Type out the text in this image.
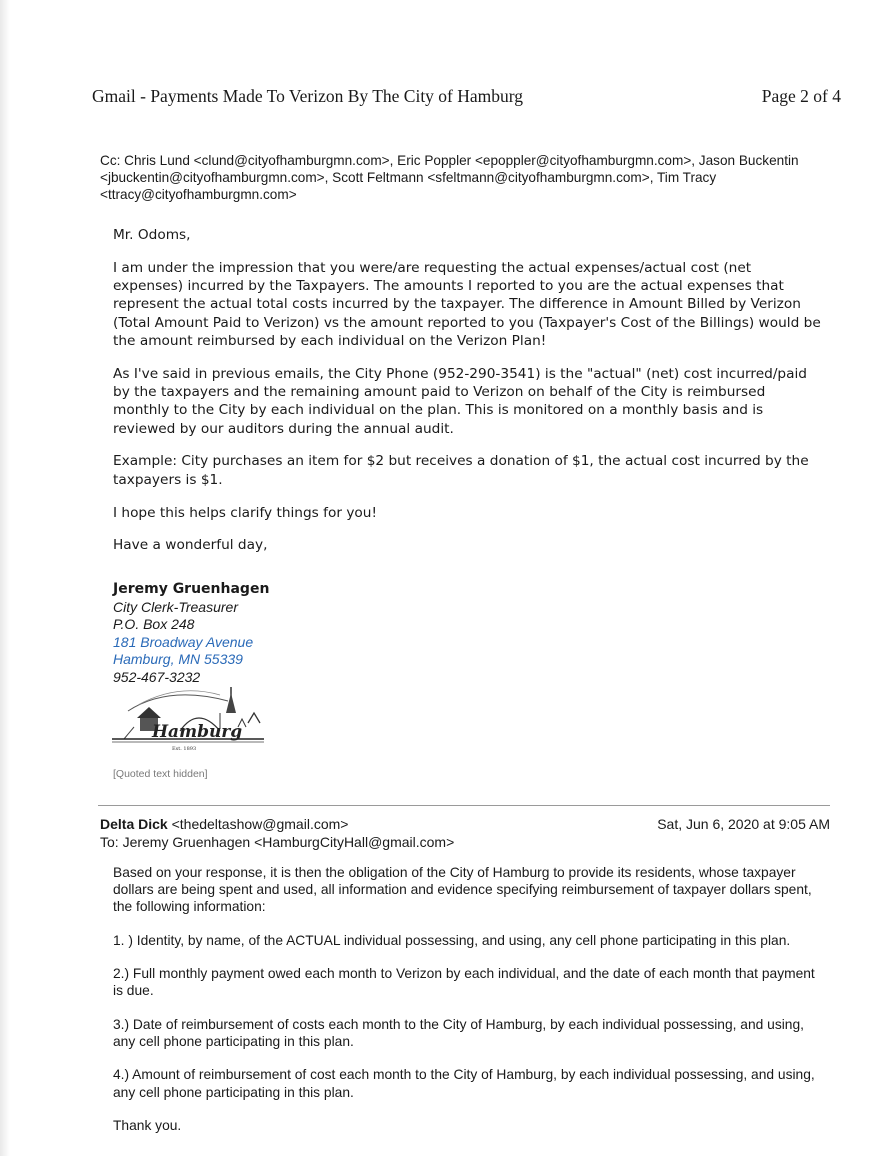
Gmail - Payments Made To Verizon By The City of Hamburg	Page 2 of 4
Cc: Chris Lund <clund@cityofhamburgmn.com>, Eric Poppler <epoppler@cityofhamburgmn.com>, Jason Buckentin <jbuckentin@cityofhamburgmn.com>, Scott Feltmann <sfeltmann@cityofhamburgmn.com>, Tim Tracy <ttracy@cityofhamburgmn.com>

Mr. Odoms,

I am under the impression that you were/are requesting the actual expenses/actual cost (net expenses) incurred by the Taxpayers. The amounts I reported to you are the actual expenses that represent the actual total costs incurred by the taxpayer. The difference in Amount Billed by Verizon (Total Amount Paid to Verizon) vs the amount reported to you (Taxpayer's Cost of the Billings) would be the amount reimbursed by each individual on the Verizon Plan!

As I've said in previous emails, the City Phone (952-290-3541) is the "actual" (net) cost incurred/paid by the taxpayers and the remaining amount paid to Verizon on behalf of the City is reimbursed monthly to the City by each individual on the plan. This is monitored on a monthly basis and is reviewed by our auditors during the annual audit.

Example: City purchases an item for $2 but receives a donation of $1, the actual cost incurred by the taxpayers is $1.

I hope this helps clarify things for you!

Have a wonderful day,

Jeremy Gruenhagen
City Clerk-Treasurer
P.O. Box 248
181 Broadway Avenue
Hamburg, MN 55339
952-467-3232
Hamburg
Est. 1893
[Quoted text hidden]
Delta Dick <thedeltashow@gmail.com>	Sat, Jun 6, 2020 at 9:05 AM
To: Jeremy Gruenhagen <HamburgCityHall@gmail.com>

Based on your response, it is then the obligation of the City of Hamburg to provide its residents, whose taxpayer dollars are being spent and used, all information and evidence specifying reimbursement of taxpayer dollars spent, the following information:

1. ) Identity, by name, of the ACTUAL individual possessing, and using, any cell phone participating in this plan.

2.) Full monthly payment owed each month to Verizon by each individual, and the date of each month that payment is due.

3.) Date of reimbursement of costs each month to the City of Hamburg, by each individual possessing, and using, any cell phone participating in this plan.

4.) Amount of reimbursement of cost each month to the City of Hamburg, by each individual possessing, and using, any cell phone participating in this plan.

Thank you.
